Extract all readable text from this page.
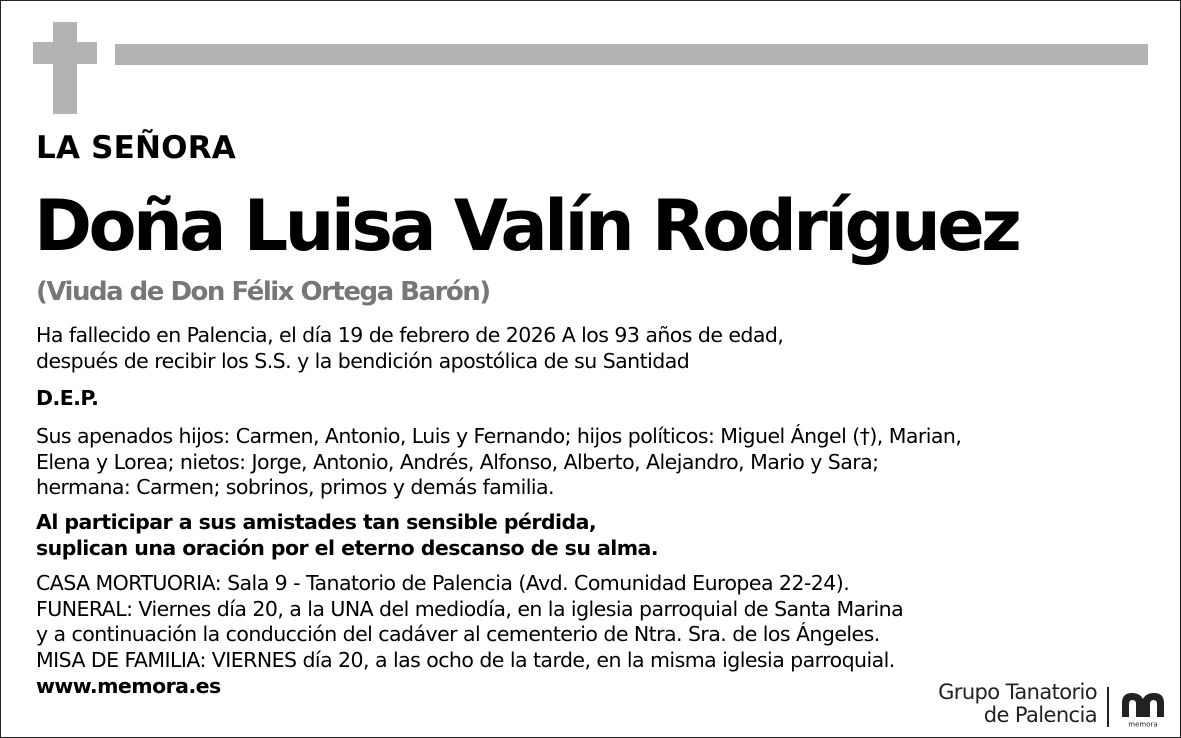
LA SEÑORA
Doña Luisa Valín Rodríguez
(Viuda de Don Félix Ortega Barón)
Ha fallecido en Palencia, el día 19 de febrero de 2026 A los 93 años de edad,
después de recibir los S.S. y la bendición apostólica de su Santidad
D.E.P.
Sus apenados hijos: Carmen, Antonio, Luis y Fernando; hijos políticos: Miguel Ángel (†), Marian,
Elena y Lorea; nietos: Jorge, Antonio, Andrés, Alfonso, Alberto, Alejandro, Mario y Sara;
hermana: Carmen; sobrinos, primos y demás familia.
Al participar a sus amistades tan sensible pérdida,
suplican una oración por el eterno descanso de su alma.
CASA MORTUORIA: Sala 9 - Tanatorio de Palencia (Avd. Comunidad Europea 22-24).
FUNERAL: Viernes día 20, a la UNA del mediodía, en la iglesia parroquial de Santa Marina
y a continuación la conducción del cadáver al cementerio de Ntra. Sra. de los Ángeles.
MISA DE FAMILIA: VIERNES día 20, a las ocho de la tarde, en la misma iglesia parroquial.
www.memora.es	Grupo Tanatorio
de Palencia	memora
